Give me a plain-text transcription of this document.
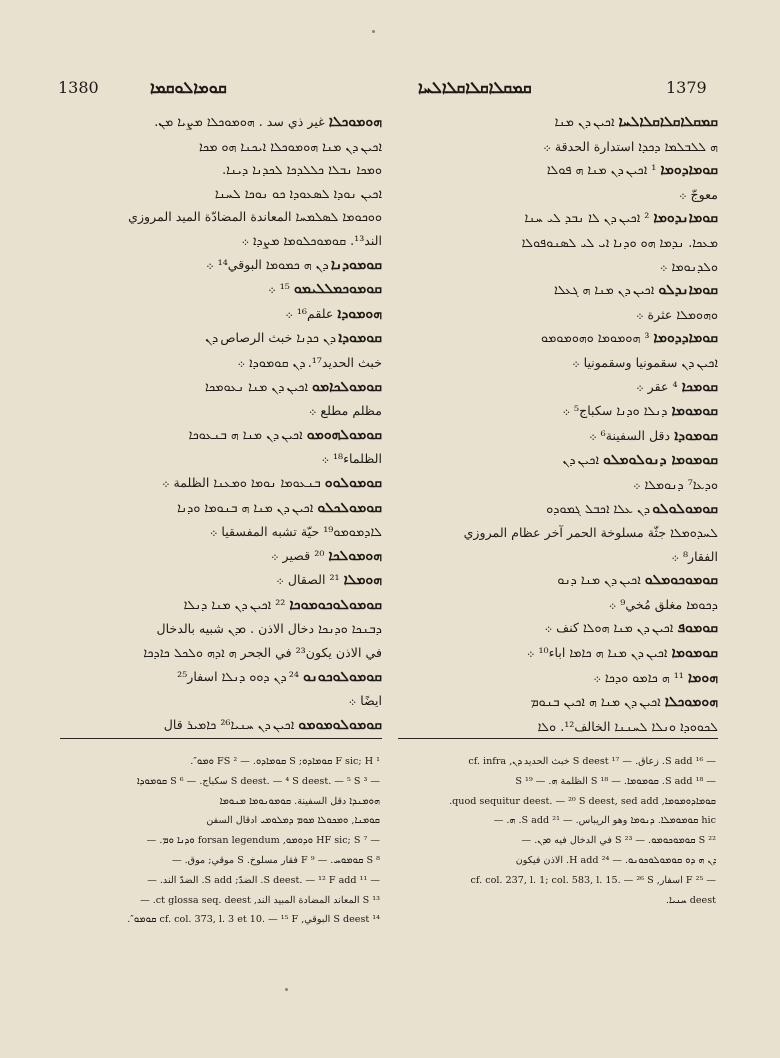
1380	ܩܘܡܐܠܘܩܡܐ	ܩܡܩܠܐܩܠܐܩܠܐܠܚܐ	1379

ܗܘܡܘܟܠܐ غير ذي سد . ܗܘܡܘܟܠܐ ܡܨܝܐ ܡܢ.

ܐܟܝܢ ܕܢ ܡܢܐ ܗܘܡܘܟܠܐ ܐܝܟܢܐ ܗܘ ܡܟܐ

ܘܡܟܐ ܢܒܠܐ ܟܠܠܕܟܐ ܠܟܕܢܐ ܕܝܢܐ.

ܐܟܝܢ ܢܘܕܐ ܠܣܥܘܕܐ ܟܘ ܢܘܟܐ ܠܚܢܐ

ܘܘܟܘܡܐ ܠܣܠܡܚܐ المعاندة المضادّة الميد المروزي

الند¹³. ܩܘܡܘܟܠܘܡܐ ܡܨܕܐ ܀

ܩܘܡܘܕܢܐ ܕܢ ܗ ܟܡܘܡܐ البوقي¹⁴ ܀

ܩܘܡܘܟܡܠܠܝܡܘ ¹⁵ ܀

ܗܘܡܘܕܐ علقم¹⁶ ܀

ܩܘܡܘܕܐ ܕܢ ܟܕܢܐ خبث الرصاص ܕܢ

خبث الحديد¹⁷. ܕܢ ܩܘܡܘܕܐ ܀

ܩܘܡܘܠܟܐܡܘ ܐܟܝܢ ܕܢ ܡܢܐ ܢܥܘܡܟܐ

مظلم مطلع ܀

ܩܘܡܘܠܗܘܡܘ ܐܟܝܢ ܕܢ ܡܢܐ ܗ ܒܢܥܘܟܐ

الظلماء¹⁸ ܀

ܩܘܡܘܠܘܘ ܒܢܥܘܡܐ ܢܘܡܐ ܘܡܥܢܐ الظلمة ܀

ܩܘܡܘܠܟܠܘ ܐܟܝܢ ܕܢ ܡܢܐ ܗ ܒܢܘܡܐ ܘܕܢܐ

ܠܐܕܡܘܡܘ¹⁹ حيّة تشبه المفسقيا ܀

ܗܘܡܘܠܟܐ ²⁰ قصير ܀

ܗܘܡܠܐ ²¹ الصقال ܀

ܩܘܡܘܠܘܟܘܡܘܟܐ ²² ܐܟܝܢ ܕܢ ܡܢܐ ܕܢܠܐ

ܕܒܢܟܐ ܘܕܢܟܐ دخال الاذن . ܘܕܢ شبيه بالدخال

في الاذن يكون²³ في الجحر ܗ ܐܕܗ ܘܠܟܠ ܟܐܕܟܐ

ܩܘܡܘܠܘܟܘܢܘ ²⁴ ܕܢ ܕܘܘ ܕܢܠܐ اسفار²⁵

ايضًا ܀

ܩܘܡܘܠܘܡܘܡܘ ܐܟܝܢ ܕܢ ܚܢܝܐ²⁶ ܟܐܡܝܪ قال

ܩܡܩܠܐܩܠܐܩܠܐܠܚܐ ܐܟܝܢ ܕܢ ܡܢܐ

ܗ ܠܠܒܠܡܐ ܕܟܕܐ استدارة الحدقة ܀

ܩܘܡܐܕܘܡܐ ¹ ܐܟܝܢ ܕܢ ܡܢܐ ܗ ܦܘܠܐ

معوجّ ܀

ܩܘܡܐܢܕܘܡܐ ² ܐܟܝܢ ܕܢ ܠܐ ܢܒܕ ܠܝ ܚܢܐ

ܡܥܟܐ. ܢܕܡܐ ܗܘ ܘܕܢܐ ܐܝ ܠܝ ܠܣܢܘܦܘܠܐ

ܘܠܕܢܘܡܐ ܀

ܩܘܡܐܢܕܠܘ ܐܟܝܢ ܕܢ ܡܢܐ ܗ ܓܥܠܐ

ܘܗܘܡܠܐ عثرة ܀

ܩܘܡܐܕܕܘܡܐ ³ ܗܘܡܘܡܐ ܘܗܘܡܘܡܘ

ܐܟܝܢ ܕܢ سقمونيا وسقمونيا ܀

ܩܘܡܟܐ ⁴ عقر ܀

ܩܘܡܘܡܐ ܕܢܠܐ ܘܕܢܐ سكباج⁵ ܀

ܩܘܡܘܕܐ دقل السفينة⁶ ܀

ܩܘܡܘܡܐ ܕܢܘܠܘܡܠܘ ܐܟܝܢ ܕܢ

ܘܕܥܐ⁷ ܕܢܘܡܠܐ ܀

ܩܘܡܘܠܘܠܘ ܕܢ ܥܠܐ ܐܟܒܠ ܓܡܘܕܘ

ܠܚܕܘܡܠܐ جثّة مسلوخة الحمر آخر عظام المروزي

الفقار⁸ ܀

ܩܘܡܘܟܘܡܠܘ ܐܟܝܢ ܕܢ ܡܢܐ ܕܢܘ

ܕܟܘܡܐ مغلق مُخي⁹ ܀

ܩܘܡܘܦ ܐܟܝܢ ܕܢ ܡܢܐ ܗܘܠܐ كنف ܀

ܩܘܡܘܡܐ ܐܟܝܢ ܕܢ ܡܢܐ ܗ ܟܐܡܐ اباء¹⁰ ܀

ܗܘܡܐ ¹¹ ܗ ܟܐܡܘ ܘܕܟܐ ܀

ܗܘܡܘܟܠܐ ܐܟܝܢ ܕܢ ܡܢܐ ܗ ܐܟܝܢ ܒܢܘܡ

ܠܟܘܘܕܐ ܘܢܠܐ ܠܚܢܢܐ الخالف¹². ܘܠܐ

¹ F sic; H ܩܘܡܐܕܘ; S ܩܘܡܐܕܘ. — ² FS ܘܡܘ″.

— ³ S deest. — ⁴ S deest. — ⁵ S سكباج. — ⁶ S ܩܘܡܘܕܐ

ܗܘܡܢܕܐ دقل السفينة. ܩܘܡܘܢܘܡܐ ܡܢܘܡܐ

ܩܘܡܢܐ, ܘܡܟܘܠܐ ܡܘܡ ܕܡܠܘܡܝ ادقال السفن

— ⁷ HF sic; S ܘܕܘܡܘ, forsan legendum ܘܕܢܐ ܘܡ. —

⁸ S ܩܘܡܘܚ. — ⁹ F فقار مسلوخ. S موقي; موق. —

— ¹¹ S deest. — ¹² F add. الضدّ; S add. الضدّ الند. —

¹³ S المعاند المضادة المبيد الند, ct glossa seq. deest. —

¹⁴ S deest البوقي, cf. col. 373, l. 3 et 10. — ¹⁵ F ܩܘܡܘ″.

— ¹⁶ S add. زعاق. — ¹⁷ S deest خبث الحديد ܕܢ, cf. infra

— ¹⁸ S add. ܩܘܡܘܡܐ. — ¹⁸ S الظلمة ܗ. — ¹⁹ S

ܩܘܡܐܕܘܡܘܡܐ, quod sequitur deest. — ²⁰ S deest, sed add.

hic ܩܘܡܘܡܠܐ. ܕܢܘܡܐ وهو الريباس. — ²¹ S add. ܗ. —

²² S ܩܘܡܘܟܘܡܘ. — ²³ S في الدخال فيه ܘܕܢ. —

ܕܢ ܗ ܕܘ ܩܘܡܘܠܘܟܘܢܘ. — ²⁴ H add. الاذن فيكون

— ²⁵ F اسفار, cf. col. 237, l. 1; col. 583, l. 15. — ²⁶ S

deest ܚܢܝܐ.
